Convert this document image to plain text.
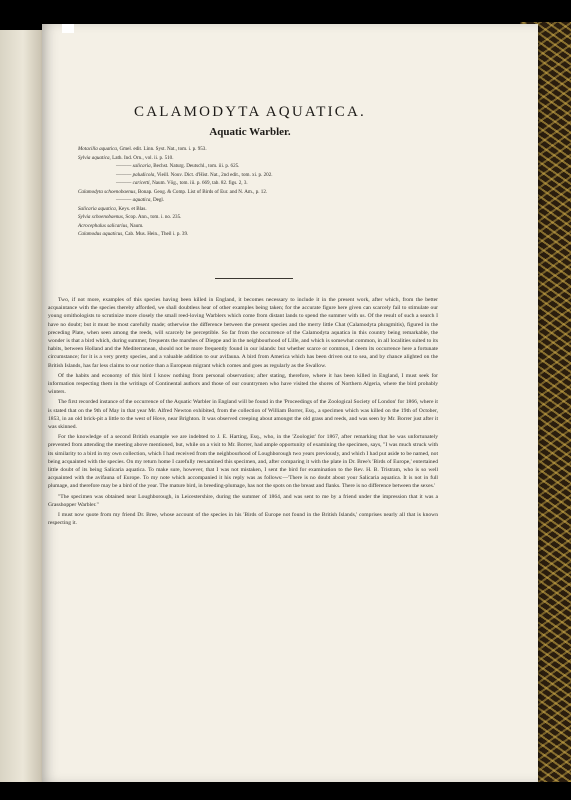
CALAMODYTA AQUATICA.
Aquatic Warbler.
Motacilla aquatica, Gmel. edit. Linn. Syst. Nat., tom. i. p. 953.
Sylvia aquatica, Lath. Ind. Orn., vol. ii. p. 510.
——— salicaria, Bechst. Naturg. Deutschl., tom. iii. p. 625.
——— paludicola, Vieill. Nouv. Dict. d'Hist. Nat., 2nd edit., tom. xi. p. 202.
——— caricetti, Naum. Vög., tom. iii. p. 669, tab. 82. figs. 2, 3.
Calamodyta schoenobaenus, Bonap. Geog. & Comp. List of Birds of Eur. and N. Am., p. 12.
——— aquatica, Degl.
Salicaria aquatica, Keys. et Blas.
Sylvia schoenobaenus, Scop. Ann., tom. i. no. 235.
Acrocephalus salicarius, Naum.
Calamodus aquaticus, Cab. Mus. Hein., Theil i. p. 39.

Two, if not more, examples of this species having been killed in England, it becomes necessary to include it in the present work, after which, from the better acquaintance with the species thereby afforded, we shall doubtless hear of other examples being taken; for the accurate figure here given can scarcely fail to stimulate our young ornithologists to scrutinize more closely the small reed-loving Warblers which come from distant lands to spend the summer with us. Of the result of such a search I have no doubt; but it must be most carefully made; otherwise the difference between the present species and the merry little Chat (Calamodyta phragmitis), figured in the preceding Plate, when seen among the reeds, will scarcely be perceptible. So far from the occurrence of the Calamodyta aquatica in this country being remarkable, the wonder is that a bird which, during summer, frequents the marshes of Dieppe and in the neighbourhood of Lille, and which is somewhat common, in all localities suited to its habits, between Holland and the Mediterranean, should not be more frequently found in our islands: but whether scarce or common, I deem its occurrence here a fortunate circumstance; for it is a very pretty species, and a valuable addition to our avifauna. A bird from America which has been driven out to sea, and by chance alighted on the British Islands, has far less claims to our notice than a European migrant which comes and goes as regularly as the Swallow.

Of the habits and economy of this bird I know nothing from personal observation; after stating, therefore, where it has been killed in England, I must seek for information respecting them in the writings of Continental authors and those of our countrymen who have visited the shores of Northern Algeria, where the bird probably winters.

The first recorded instance of the occurrence of the Aquatic Warbler in England will be found in the 'Proceedings of the Zoological Society of London' for 1866, where it is stated that on the 9th of May in that year Mr. Alfred Newton exhibited, from the collection of William Borrer, Esq., a specimen which was killed on the 19th of October, 1853, in an old brick-pit a little to the west of Hove, near Brighton. It was observed creeping about amongst the old grass and reeds, and was seen by Mr. Borrer just after it was skinned.

For the knowledge of a second British example we are indebted to J. E. Harting, Esq., who, in the 'Zoologist' for 1867, after remarking that he was unfortunately prevented from attending the meeting above mentioned, but, while on a visit to Mr. Borrer, had ample opportunity of examining the specimen, says, "I was much struck with its similarity to a bird in my own collection, which I had received from the neighbourhood of Loughborough two years previously, and which I had put aside to be named, not being acquainted with the species. On my return home I carefully reexamined this specimen, and, after comparing it with the plate in Dr. Bree's 'Birds of Europe,' entertained little doubt of its being Salicaria aquatica. To make sure, however, that I was not mistaken, I sent the bird for examination to the Rev. H. B. Tristram, who is so well acquainted with the avifauna of Europe. To my note which accompanied it his reply was as follows:—'There is no doubt about your Salicaria aquatica. It is not in full plumage, and therefore may be a bird of the year. The mature bird, in breeding-plumage, has not the spots on the breast and flanks. There is no difference between the sexes.'

"The specimen was obtained near Loughborough, in Leicestershire, during the summer of 1864, and was sent to me by a friend under the impression that it was a Grasshopper Warbler."

I must now quote from my friend Dr. Bree, whose account of the species in his 'Birds of Europe not found in the British Islands,' comprises nearly all that is known respecting it.
